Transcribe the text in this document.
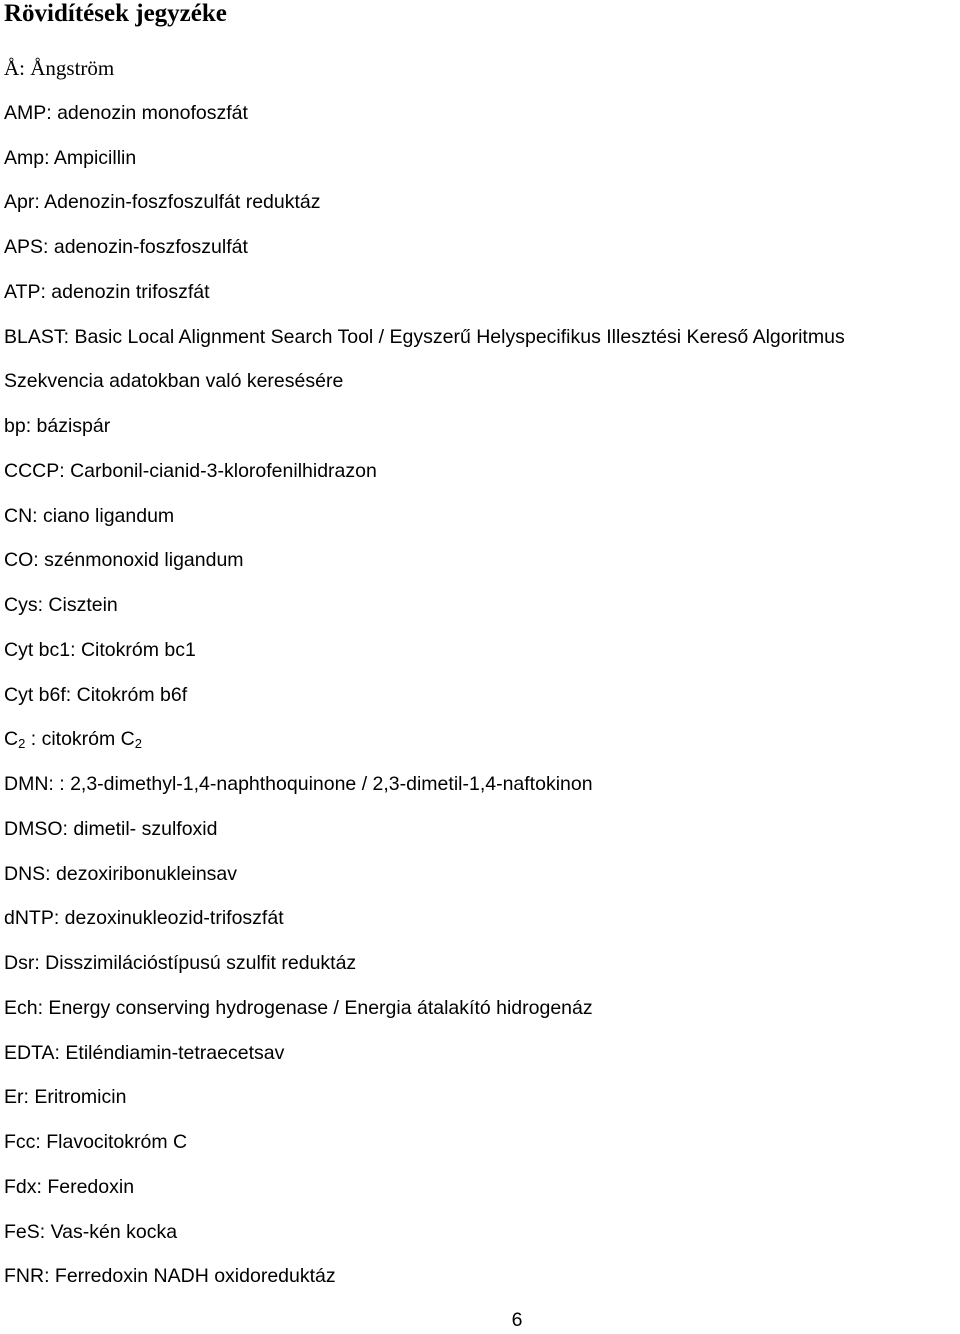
Rövidítések jegyzéke
Å: Ångström
AMP: adenozin monofoszfát
Amp: Ampicillin
Apr: Adenozin-foszfoszulfát reduktáz
APS: adenozin-foszfoszulfát
ATP: adenozin trifoszfát
BLAST: Basic Local Alignment Search Tool / Egyszerű Helyspecifikus Illesztési Kereső Algoritmus
Szekvencia adatokban való keresésére
bp: bázispár
CCCP: Carbonil-cianid-3-klorofenilhidrazon
CN: ciano ligandum
CO: szénmonoxid ligandum
Cys: Cisztein
Cyt bc1: Citokróm bc1
Cyt b6f: Citokróm b6f
$C_2$ : citokróm $C_2$
DMN: : 2,3-dimethyl-1,4-naphthoquinone / 2,3-dimetil-1,4-naftokinon
DMSO: dimetil- szulfoxid
DNS: dezoxiribonukleinsav
dNTP: dezoxinukleozid-trifoszfát
Dsr: Disszimilációstípusú szulfit reduktáz
Ech: Energy conserving hydrogenase / Energia átalakító hidrogenáz
EDTA: Etiléndiamin-tetraecetsav
Er: Eritromicin
Fcc: Flavocitokróm C
Fdx: Feredoxin
FeS: Vas-kén kocka
FNR: Ferredoxin NADH oxidoreduktáz
6
